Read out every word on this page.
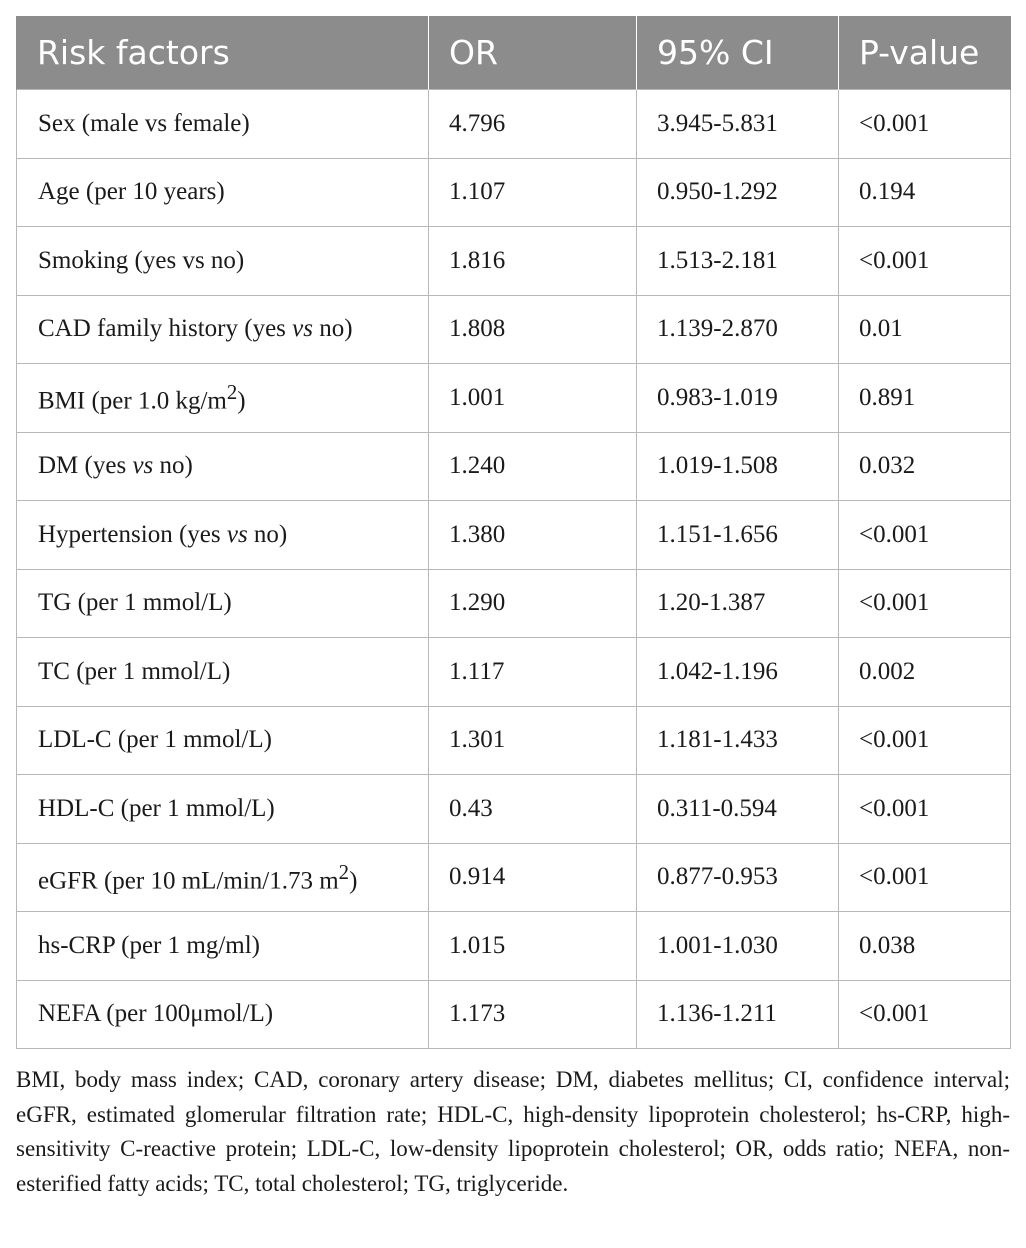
Risk factors	OR	95% CI	P-value
Sex (male vs female)	4.796	3.945-5.831	<0.001
Age (per 10 years)	1.107	0.950-1.292	0.194
Smoking (yes vs no)	1.816	1.513-2.181	<0.001
CAD family history (yes vs no)	1.808	1.139-2.870	0.01
BMI (per 1.0 $kg/m^2$)	1.001	0.983-1.019	0.891
DM (yes vs no)	1.240	1.019-1.508	0.032
Hypertension (yes vs no)	1.380	1.151-1.656	<0.001
TG (per 1 mmol/L)	1.290	1.20-1.387	<0.001
TC (per 1 mmol/L)	1.117	1.042-1.196	0.002
LDL-C (per 1 mmol/L)	1.301	1.181-1.433	<0.001
HDL-C (per 1 mmol/L)	0.43	0.311-0.594	<0.001
eGFR (per 10 mL/min/1.73 $m^2$)	0.914	0.877-0.953	<0.001
hs-CRP (per 1 mg/ml)	1.015	1.001-1.030	0.038
NEFA (per 100μmol/L)	1.173	1.136-1.211	<0.001
BMI, body mass index; CAD, coronary artery disease; DM, diabetes mellitus; CI, confidence interval; eGFR, estimated glomerular filtration rate; HDL-C, high-density lipoprotein cholesterol; hs-CRP, high-sensitivity C-reactive protein; LDL-C, low-density lipoprotein cholesterol; OR, odds ratio; NEFA, non-esterified fatty acids; TC, total cholesterol; TG, triglyceride.
